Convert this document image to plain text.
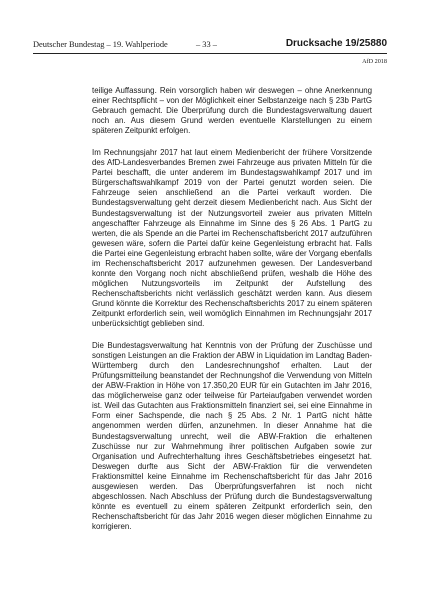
Deutscher Bundestag – 19. Wahlperiode	– 33 –	Drucksache 19/25880
AfD 2018

teilige Auffassung. Rein vorsorglich haben wir deswegen – ohne Anerkennung einer Rechtspflicht – von der Möglichkeit einer Selbstanzeige nach § 23b PartG Gebrauch gemacht. Die Überprüfung durch die Bundestagsverwaltung dauert noch an. Aus diesem Grund werden eventuelle Klarstellungen zu einem späteren Zeitpunkt erfolgen.

Im Rechnungsjahr 2017 hat laut einem Medienbericht der frühere Vorsitzende des AfD-Landesverbandes Bremen zwei Fahrzeuge aus privaten Mitteln für die Partei beschafft, die unter anderem im Bundestagswahlkampf 2017 und im Bürgerschaftswahlkampf 2019 von der Partei genutzt worden seien. Die Fahrzeuge seien anschließend an die Partei verkauft worden. Die Bundestagsverwaltung geht derzeit diesem Medienbericht nach. Aus Sicht der Bundestagsverwaltung ist der Nutzungsvorteil zweier aus privaten Mitteln angeschaffter Fahrzeuge als Einnahme im Sinne des § 26 Abs. 1 PartG zu werten, die als Spende an die Partei im Rechenschaftsbericht 2017 aufzuführen gewesen wäre, sofern die Partei dafür keine Gegenleistung erbracht hat. Falls die Partei eine Gegenleistung erbracht haben sollte, wäre der Vorgang ebenfalls im Rechenschaftsbericht 2017 aufzunehmen gewesen. Der Landesverband konnte den Vorgang noch nicht abschließend prüfen, weshalb die Höhe des möglichen Nutzungsvorteils im Zeitpunkt der Aufstellung des Rechenschaftsberichts nicht verlässlich geschätzt werden kann. Aus diesem Grund könnte die Korrektur des Rechenschaftsberichts 2017 zu einem späteren Zeitpunkt erforderlich sein, weil womöglich Einnahmen im Rechnungsjahr 2017 unberücksichtigt geblieben sind.

Die Bundestagsverwaltung hat Kenntnis von der Prüfung der Zuschüsse und sonstigen Leistungen an die Fraktion der ABW in Liquidation im Landtag Baden-Württemberg durch den Landesrechnungshof erhalten. Laut der Prüfungsmitteilung beanstandet der Rechnungshof die Verwendung von Mitteln der ABW-Fraktion in Höhe von 17.350,20 EUR für ein Gutachten im Jahr 2016, das möglicherweise ganz oder teilweise für Parteiaufgaben verwendet worden ist. Weil das Gutachten aus Fraktionsmitteln finanziert sei, sei eine Einnahme in Form einer Sachspende, die nach § 25 Abs. 2 Nr. 1 PartG nicht hätte angenommen werden dürfen, anzunehmen. In dieser Annahme hat die Bundestagsverwaltung unrecht, weil die ABW-Fraktion die erhaltenen Zuschüsse nur zur Wahrnehmung ihrer politischen Aufgaben sowie zur Organisation und Aufrechterhaltung ihres Geschäftsbetriebes eingesetzt hat. Deswegen durfte aus Sicht der ABW-Fraktion für die verwendeten Fraktionsmittel keine Einnahme im Rechenschaftsbericht für das Jahr 2016 ausgewiesen werden. Das Überprüfungsverfahren ist noch nicht abgeschlossen. Nach Abschluss der Prüfung durch die Bundestagsverwaltung könnte es eventuell zu einem späteren Zeitpunkt erforderlich sein, den Rechenschaftsbericht für das Jahr 2016 wegen dieser möglichen Einnahme zu korrigieren.
